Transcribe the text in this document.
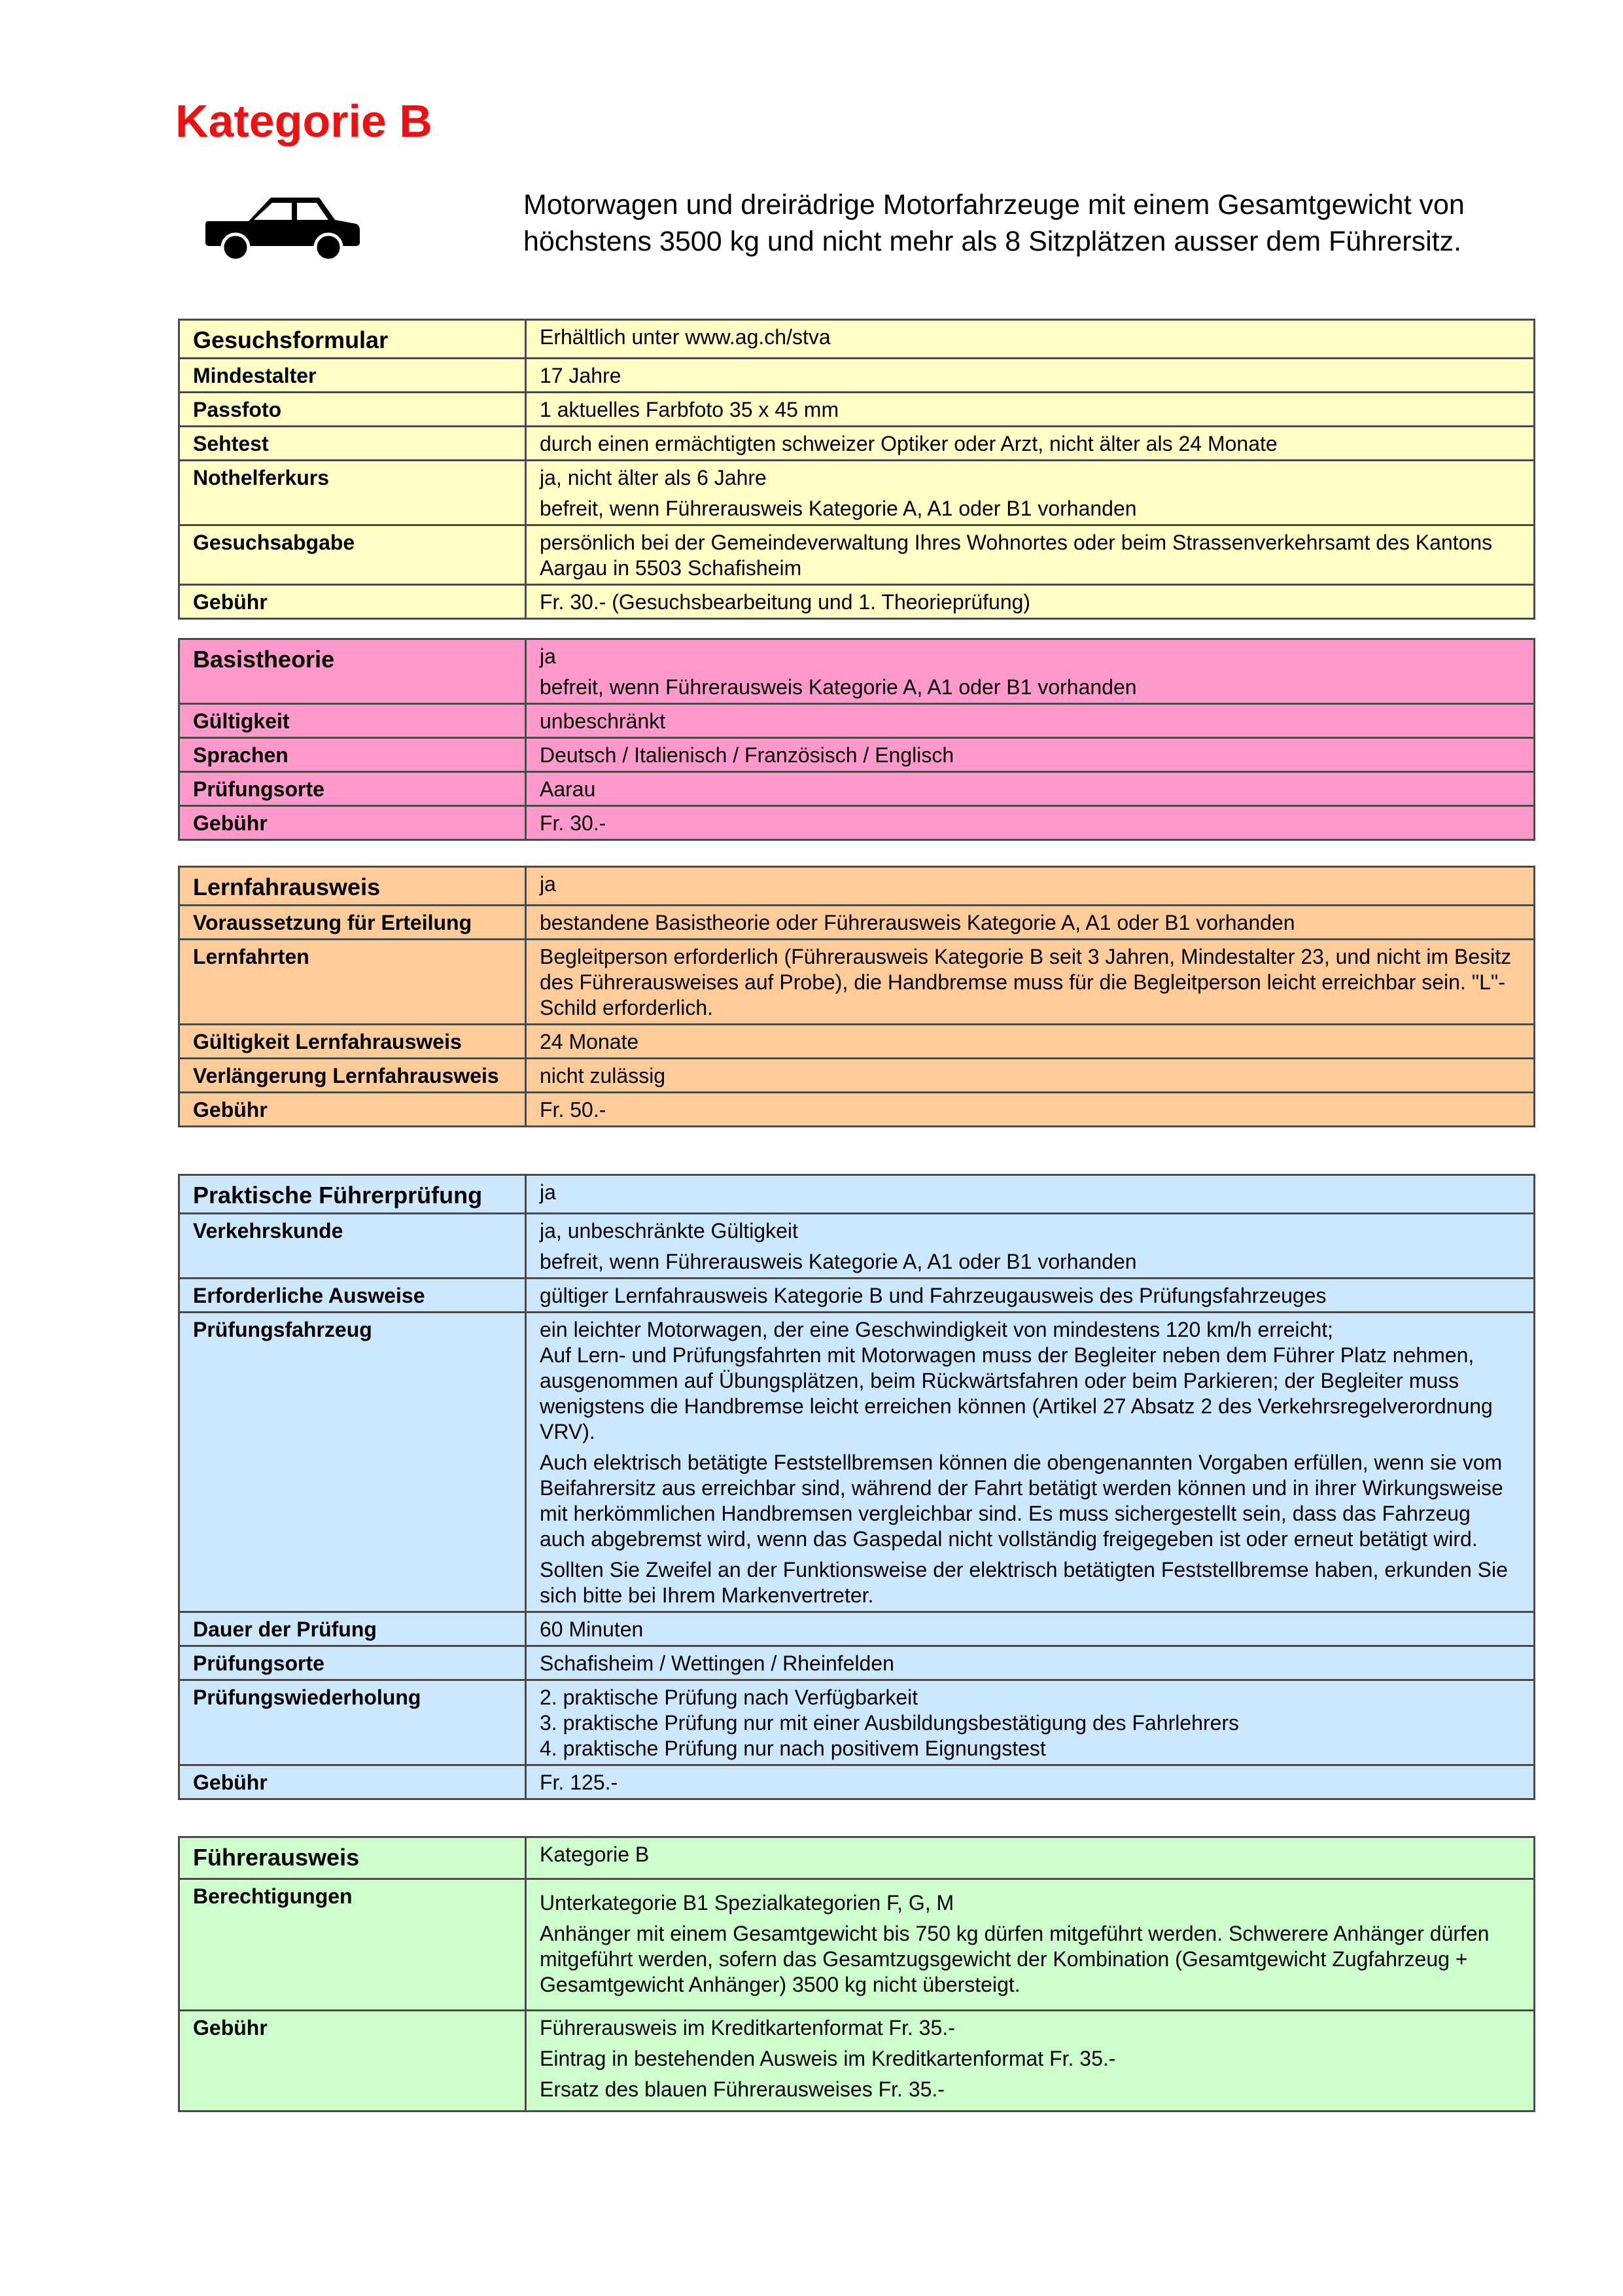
Kategorie B

Motorwagen und dreirädrige Motorfahrzeuge mit einem Gesamtgewicht von höchstens 3500 kg und nicht mehr als 8 Sitzplätzen ausser dem Führersitz.

Gesuchsformular	Erhältlich unter www.ag.ch/stva
Mindestalter	17 Jahre
Passfoto	1 aktuelles Farbfoto 35 x 45 mm
Sehtest	durch einen ermächtigten schweizer Optiker oder Arzt, nicht älter als 24 Monate
Nothelferkurs	ja, nicht älter als 6 Jahre
befreit, wenn Führerausweis Kategorie A, A1 oder B1 vorhanden

Gesuchsabgabe	persönlich bei der Gemeindeverwaltung Ihres Wohnortes oder beim Strassenverkehrsamt des Kantons Aargau in 5503 Schafisheim
Gebühr	Fr. 30.- (Gesuchsbearbeitung und 1. Theorieprüfung)
Basistheorie	ja
befreit, wenn Führerausweis Kategorie A, A1 oder B1 vorhanden

Gültigkeit	unbeschränkt
Sprachen	Deutsch / Italienisch / Französisch / Englisch
Prüfungsorte	Aarau
Gebühr	Fr. 30.-
Lernfahrausweis	ja
Voraussetzung für Erteilung	bestandene Basistheorie oder Führerausweis Kategorie A, A1 oder B1 vorhanden
Lernfahrten	Begleitperson erforderlich (Führerausweis Kategorie B seit 3 Jahren, Mindestalter 23, und nicht im Besitz des Führerausweises auf Probe), die Handbremse muss für die Begleitperson leicht erreichbar sein. "L"-Schild erforderlich.
Gültigkeit Lernfahrausweis	24 Monate
Verlängerung Lernfahrausweis	nicht zulässig
Gebühr	Fr. 50.-
Praktische Führerprüfung	ja
Verkehrskunde	ja, unbeschränkte Gültigkeit
befreit, wenn Führerausweis Kategorie A, A1 oder B1 vorhanden

Erforderliche Ausweise	gültiger Lernfahrausweis Kategorie B und Fahrzeugausweis des Prüfungsfahrzeuges
Prüfungsfahrzeug	ein leichter Motorwagen, der eine Geschwindigkeit von mindestens 120 km/h erreicht;
Auf Lern- und Prüfungsfahrten mit Motorwagen muss der Begleiter neben dem Führer Platz nehmen, ausgenommen auf Übungsplätzen, beim Rückwärtsfahren oder beim Parkieren; der Begleiter muss wenigstens die Handbremse leicht erreichen können (Artikel 27 Absatz 2 des Verkehrsregelverordnung VRV).
Auch elektrisch betätigte Feststellbremsen können die obengenannten Vorgaben erfüllen, wenn sie vom Beifahrersitz aus erreichbar sind, während der Fahrt betätigt werden können und in ihrer Wirkungsweise mit herkömmlichen Handbremsen vergleichbar sind. Es muss sichergestellt sein, dass das Fahrzeug auch abgebremst wird, wenn das Gaspedal nicht vollständig freigegeben ist oder erneut betätigt wird.
Sollten Sie Zweifel an der Funktionsweise der elektrisch betätigten Feststellbremse haben, erkunden Sie sich bitte bei Ihrem Markenvertreter.

Dauer der Prüfung	60 Minuten
Prüfungsorte	Schafisheim / Wettingen / Rheinfelden
Prüfungswiederholung	2. praktische Prüfung nach Verfügbarkeit
3. praktische Prüfung nur mit einer Ausbildungsbestätigung des Fahrlehrers
4. praktische Prüfung nur nach positivem Eignungstest

Gebühr	Fr. 125.-
Führerausweis	Kategorie B
Berechtigungen	Unterkategorie B1 Spezialkategorien F, G, M
Anhänger mit einem Gesamtgewicht bis 750 kg dürfen mitgeführt werden. Schwerere Anhänger dürfen mitgeführt werden, sofern das Gesamtzugsgewicht der Kombination (Gesamtgewicht Zugfahrzeug + Gesamtgewicht Anhänger) 3500 kg nicht übersteigt.

Gebühr	Führerausweis im Kreditkartenformat Fr. 35.-
Eintrag in bestehenden Ausweis im Kreditkartenformat Fr. 35.-
Ersatz des blauen Führerausweises Fr. 35.-
